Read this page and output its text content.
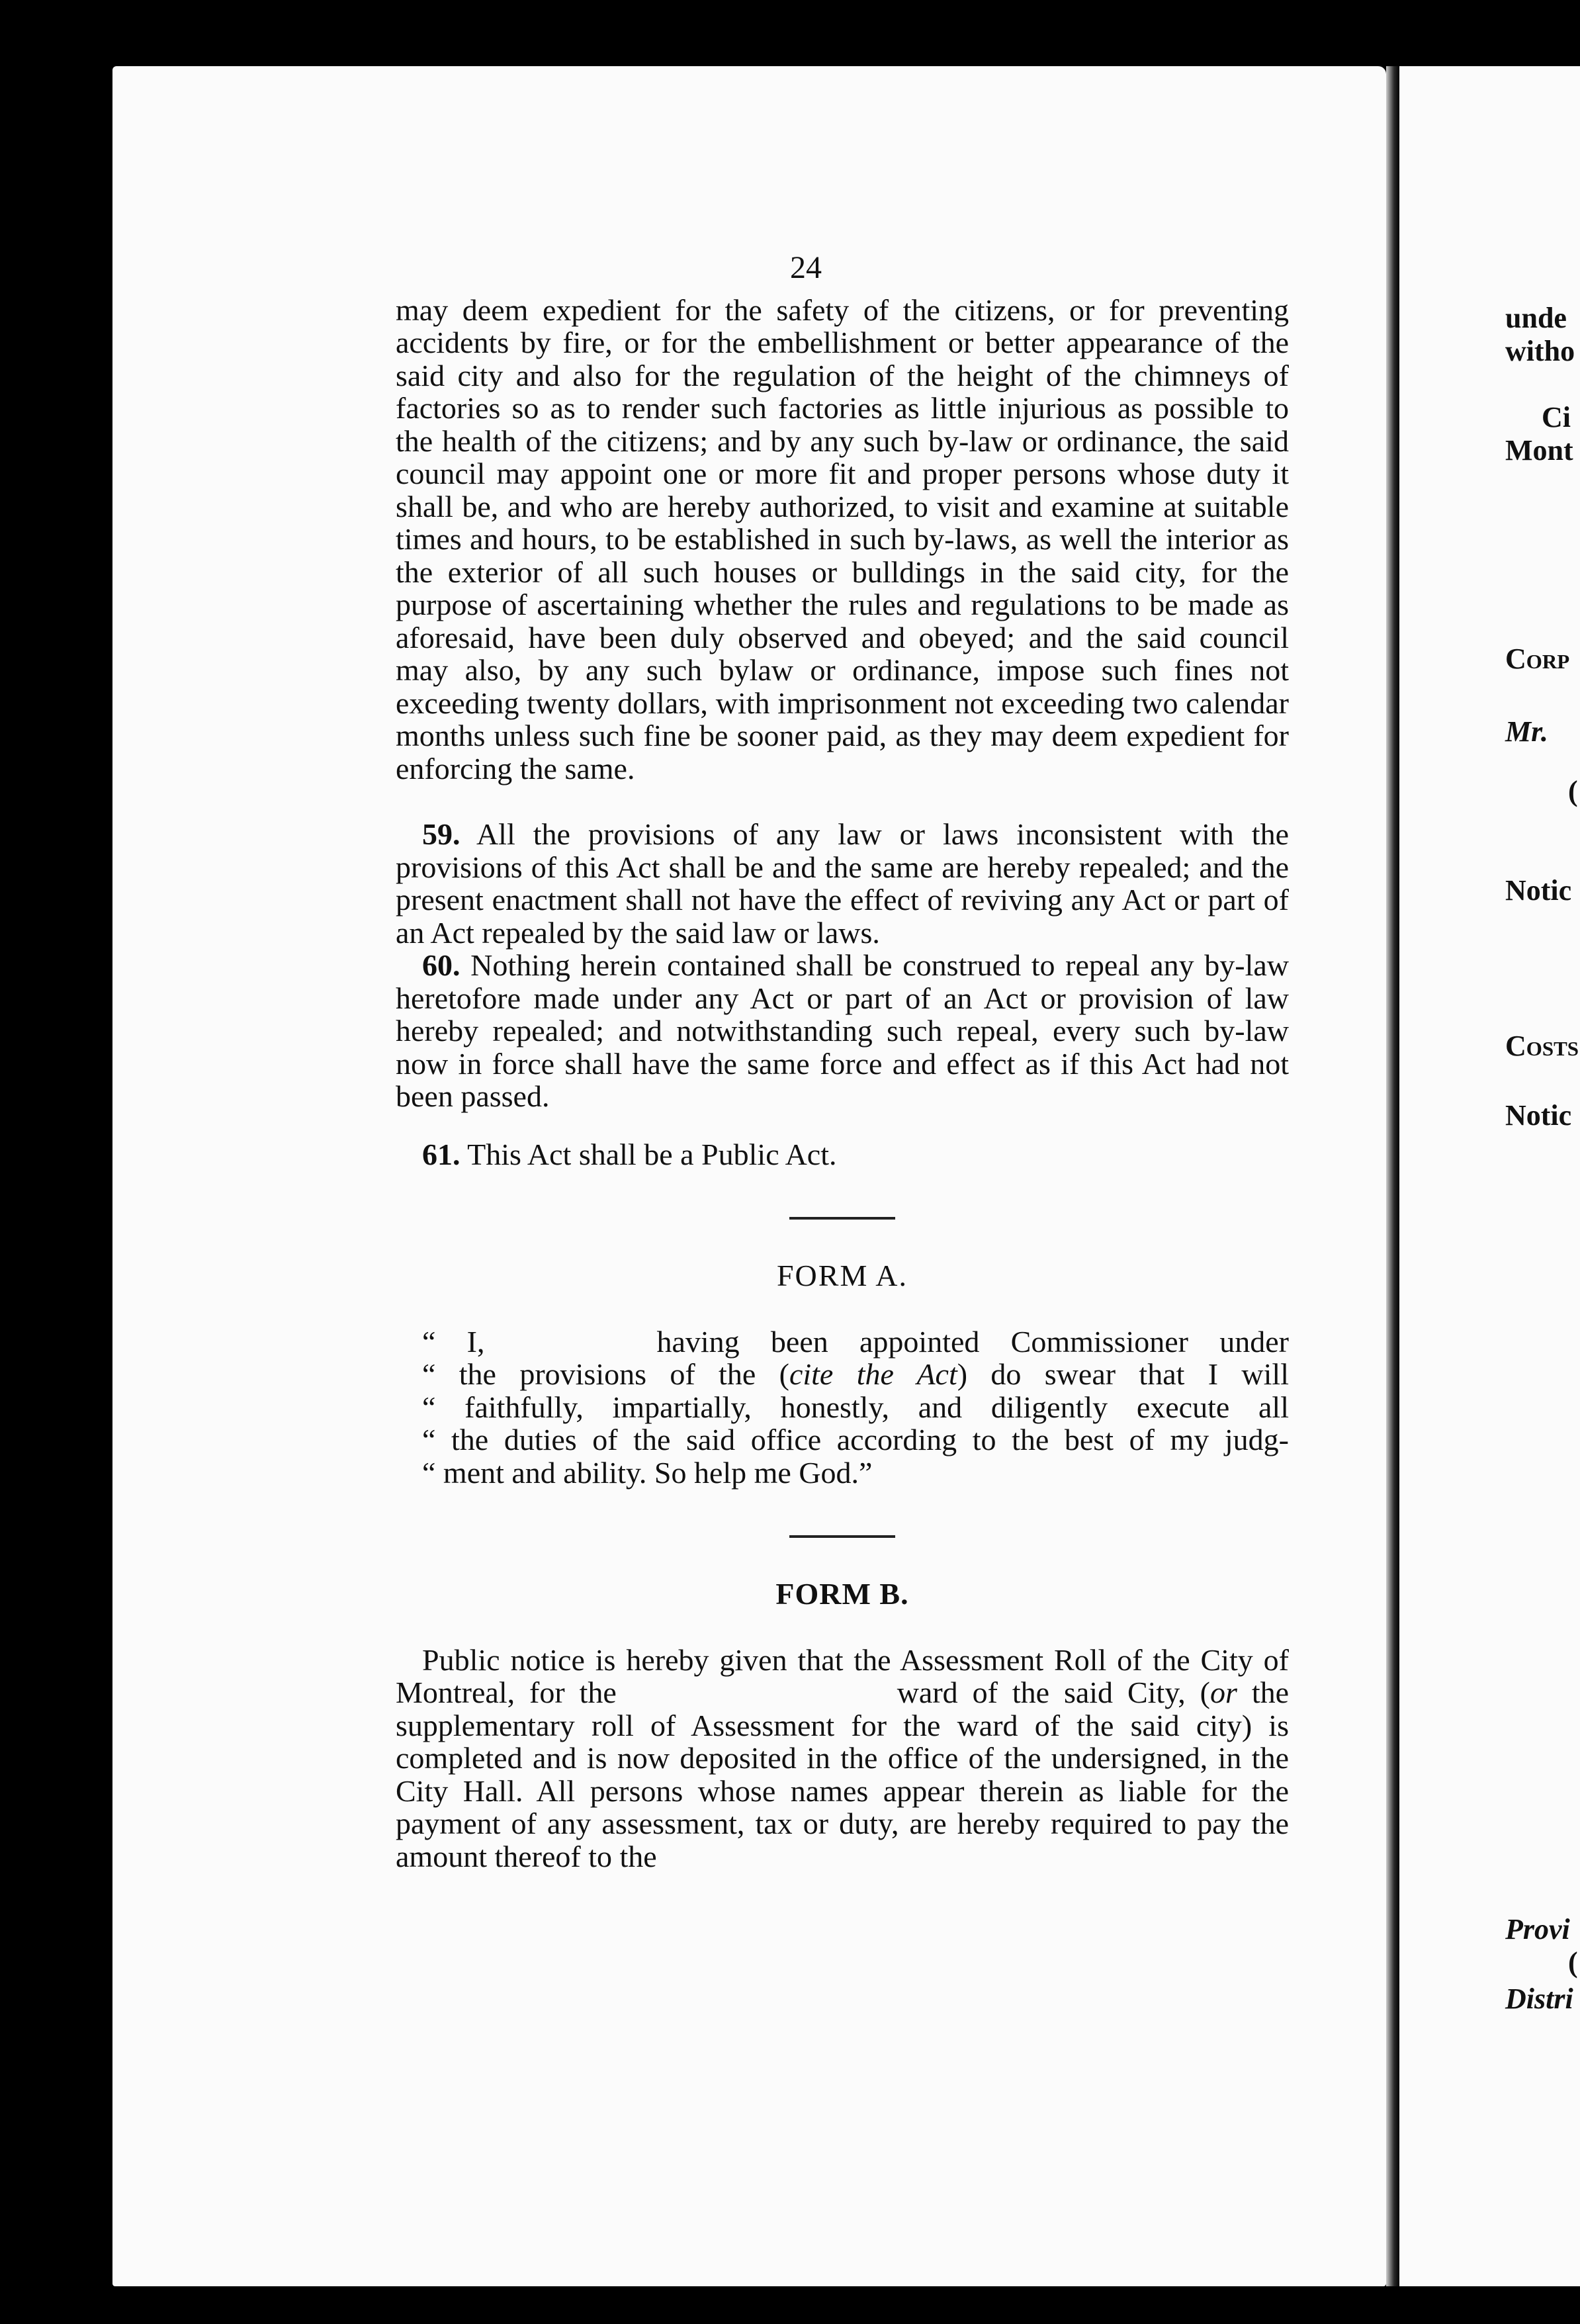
unde
witho
Ci
Mont
Corp
Mr.
(
Notic
Costs
Notic
Provi
(
Distri
24

may deem expedient for the safety of the citizens, or for preventing accidents by fire, or for the embellishment or better appearance of the said city and also for the regulation of the height of the chimneys of factories so as to render such factories as little injurious as possible to the health of the citizens; and by any such by-law or ordinance, the said council may appoint one or more fit and proper persons whose duty it shall be, and who are hereby authorized, to visit and examine at suitable times and hours, to be established in such by-laws, as well the interior as the exterior of all such houses or bulldings in the said city, for the purpose of ascertaining whether the rules and regulations to be made as aforesaid, have been duly observed and obeyed; and the said council may also, by any such bylaw or ordinance, impose such fines not exceeding twenty dollars, with imprisonment not exceeding two calendar months unless such fine be sooner paid, as they may deem expedient for enforcing the same.

59. All the provisions of any law or laws inconsistent with the provisions of this Act shall be and the same are hereby repealed; and the present enactment shall not have the effect of reviving any Act or part of an Act repealed by the said law or laws.

60. Nothing herein contained shall be construed to repeal any by-law heretofore made under any Act or part of an Act or provision of law hereby repealed; and notwithstanding such repeal, every such by-law now in force shall have the same force and effect as if this Act had not been passed.

61. This Act shall be a Public Act.

FORM A.
“ I,	having been appointed Commissioner under
“ the provisions of the (cite the Act) do swear that I will
“ faithfully, impartially, honestly, and diligently execute all
“ the duties of the said office according to the best of my judg-
“ ment and ability. So help me God.”
FORM B.

Public notice is hereby given that the Assessment Roll of the City of Montreal, for the	ward of the said City, (or the supplementary roll of Assessment for the ward of the said city) is completed and is now deposited in the office of the undersigned, in the City Hall. All persons whose names appear therein as liable for the payment of any assessment, tax or duty, are hereby required to pay the amount thereof to the
